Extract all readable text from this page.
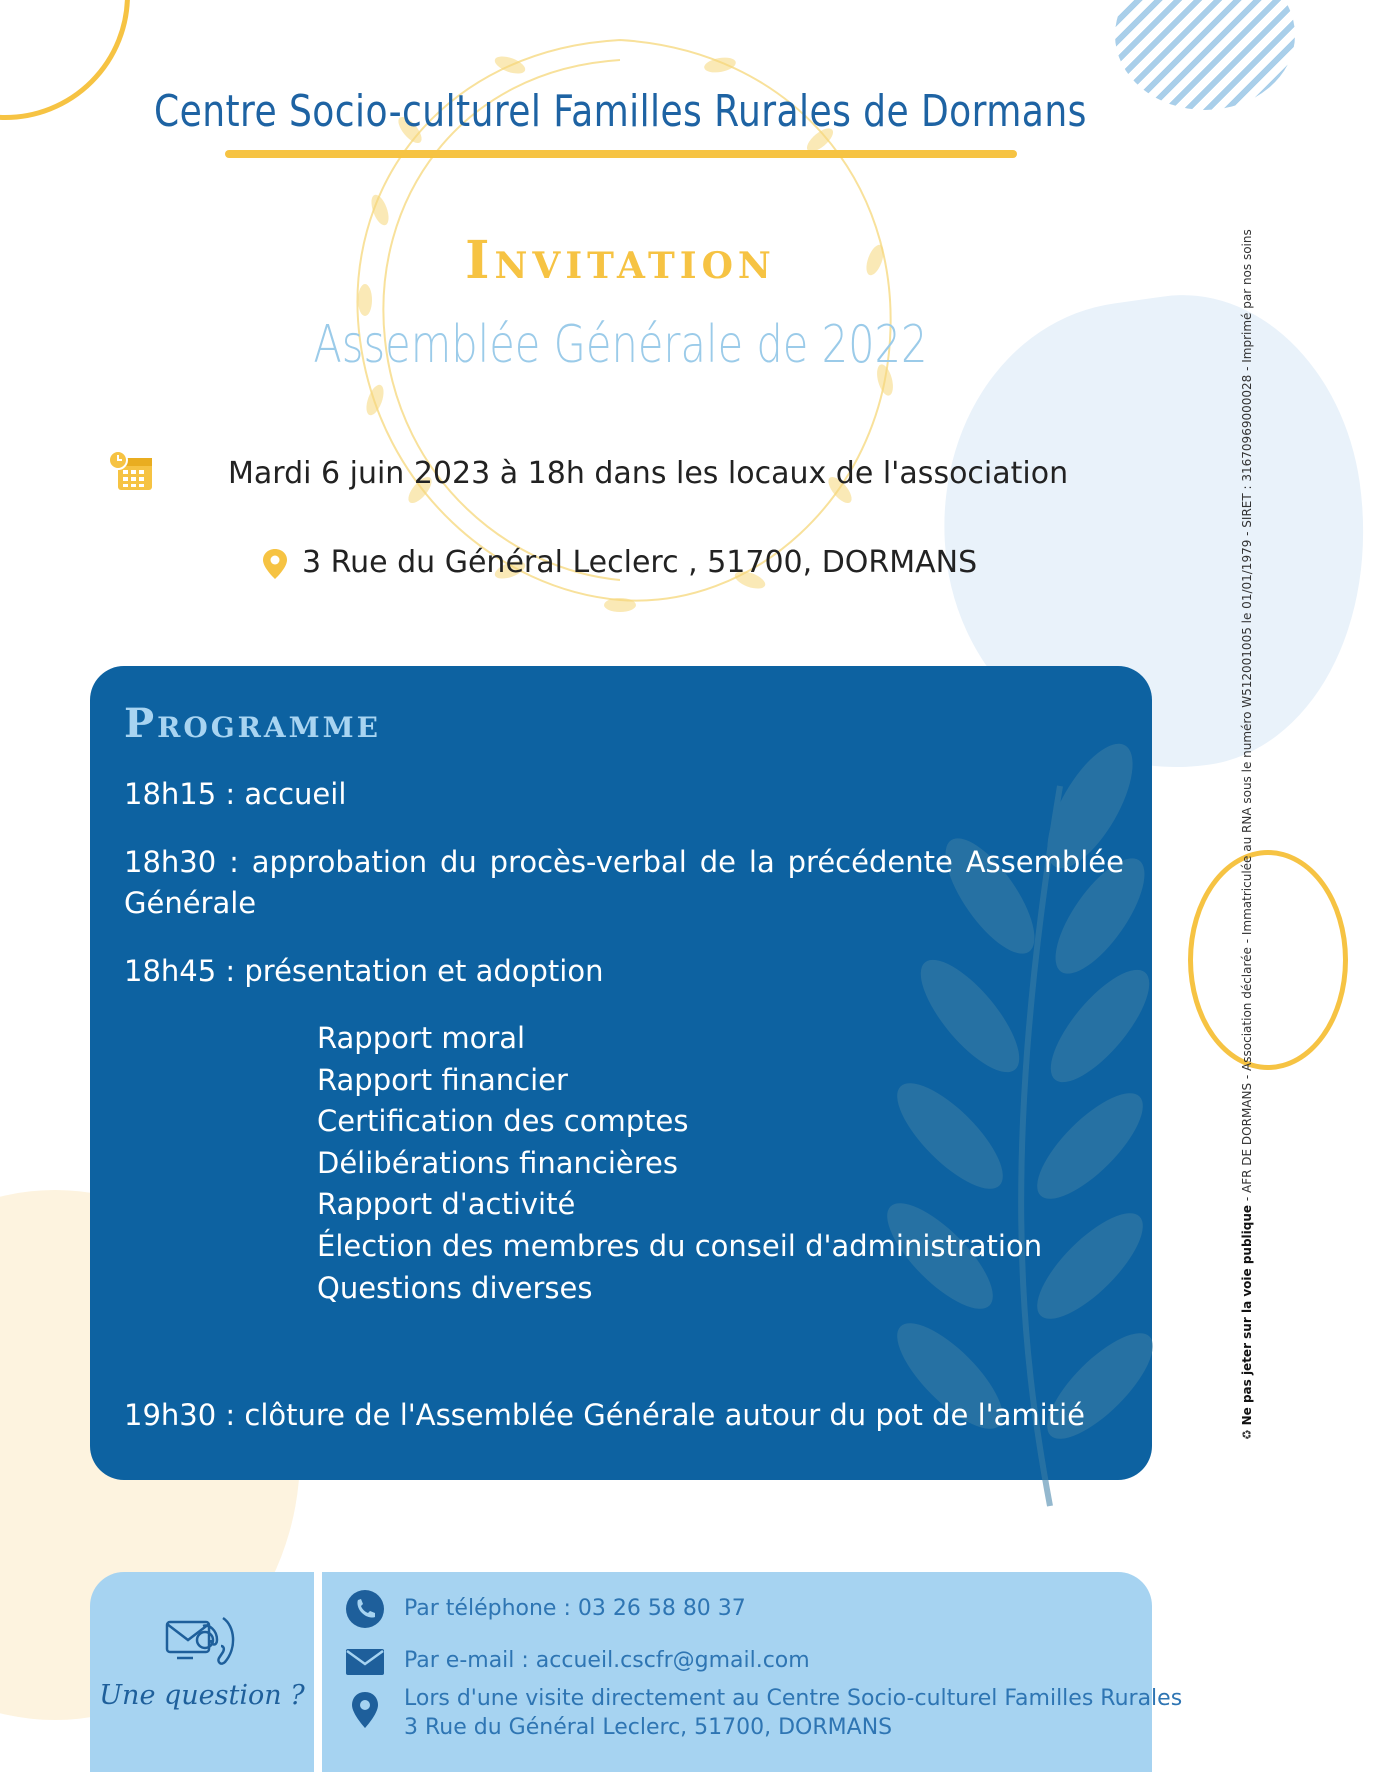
Centre Socio-culturel Familles Rurales de Dormans
Invitation
Assemblée Générale de 2022
Mardi 6 juin 2023 à 18h dans les locaux de l'association
3 Rue du Général Leclerc , 51700, DORMANS
Programme
18h15 : accueil
18h30 : approbation du procès-verbal de la précédente Assemblée Générale
18h45 : présentation et adoption
Rapport moral
Rapport financier
Certification des comptes
Délibérations financières
Rapport d'activité
Élection des membres du conseil d'administration
Questions diverses
19h30 : clôture de l'Assemblée Générale autour du pot de l'amitié
Une question ?
Par téléphone : 03 26 58 80 37
Par e-mail : accueil.cscfr@gmail.com
Lors d'une visite directement au Centre Socio-culturel Familles Rurales
3 Rue du Général Leclerc, 51700, DORMANS
♻ Ne pas jeter sur la voie publique - AFR DE DORMANS - Association déclarée - Immatriculée au RNA sous le numéro W512001005 le 01/01/1979 - SIRET : 31670969000028 - Imprimé par nos soins
